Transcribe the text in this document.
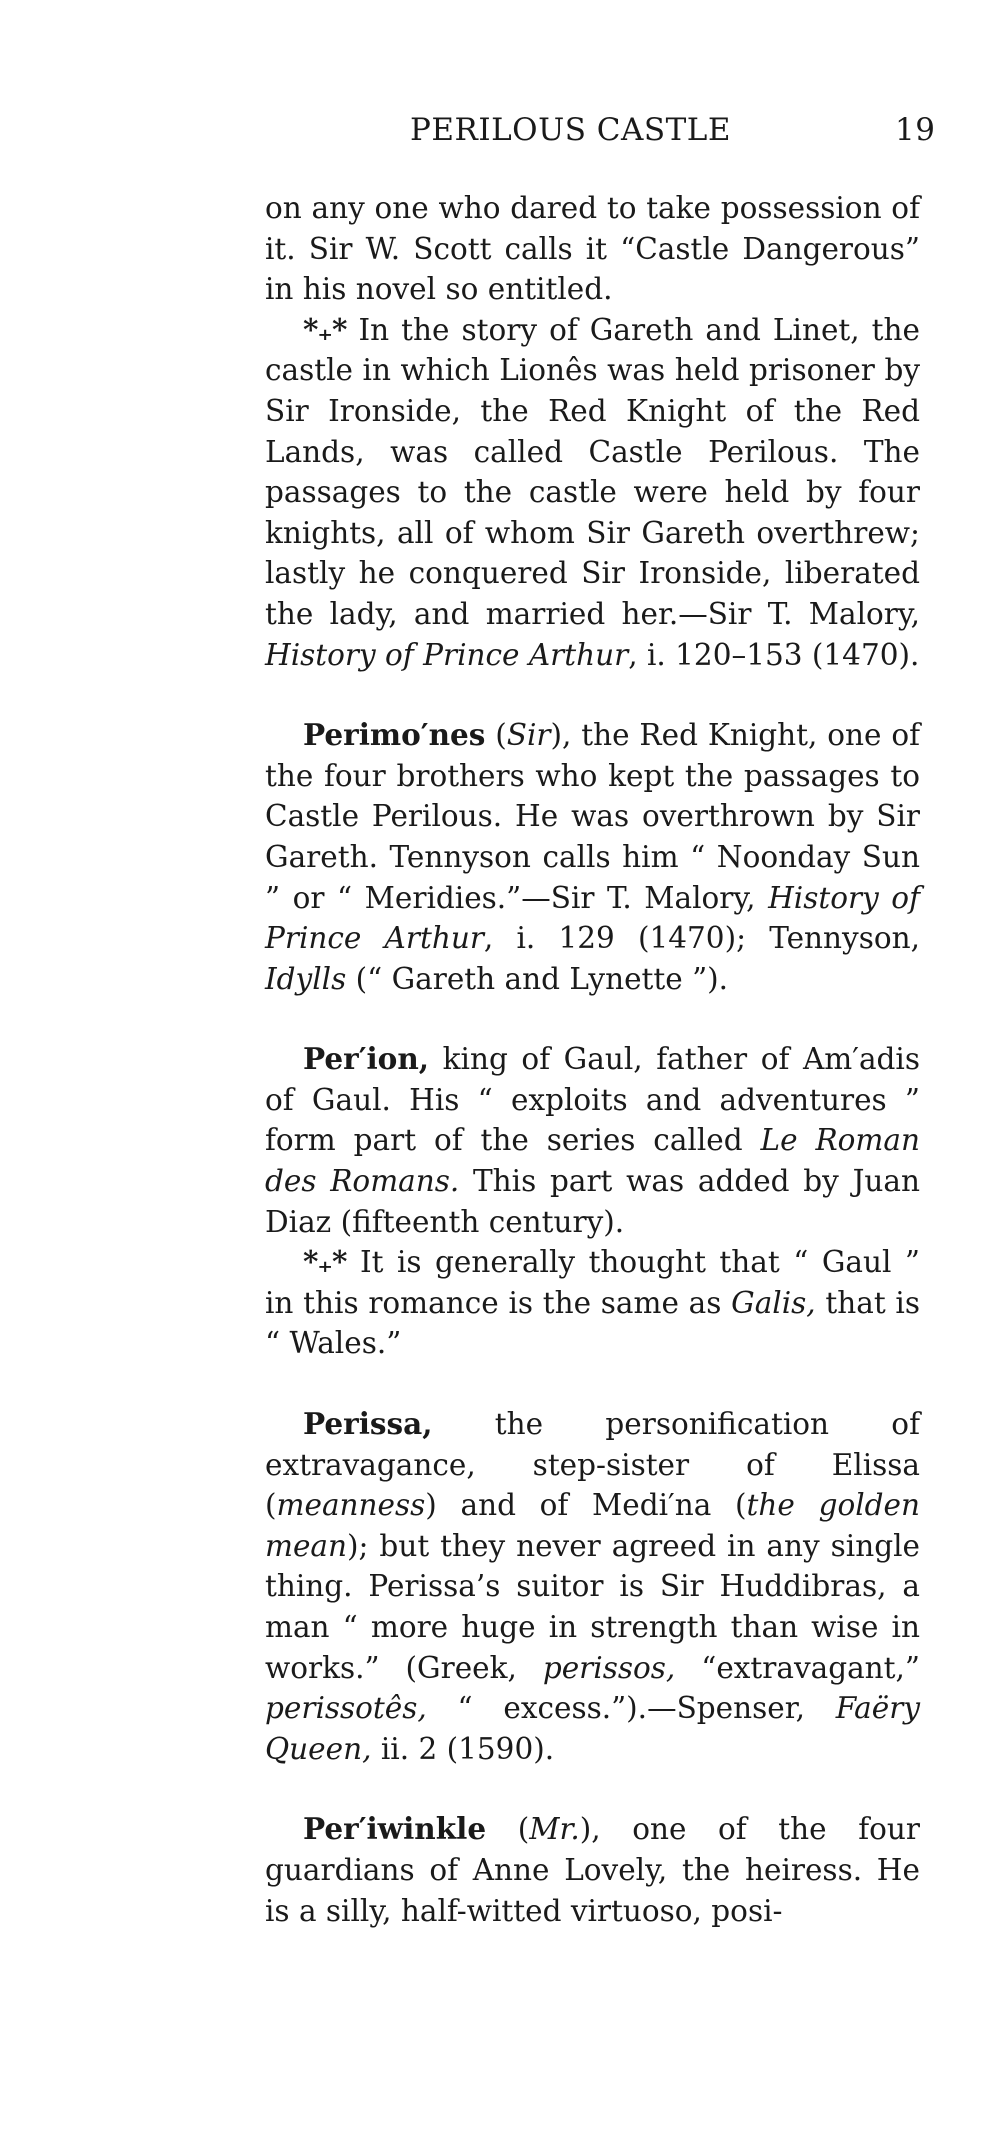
PERILOUS CASTLE	19

on any one who dared to take possession of it. Sir W. Scott calls it “Castle Dangerous” in his novel so entitled.

*₊* In the story of Gareth and Linet, the castle in which Lionês was held prisoner by Sir Ironside, the Red Knight of the Red Lands, was called Castle Perilous. The passages to the castle were held by four knights, all of whom Sir Gareth overthrew; lastly he conquered Sir Ironside, liberated the lady, and married her.—Sir T. Malory, History of Prince Arthur, i. 120–153 (1470).

Perimo′nes (Sir), the Red Knight, one of the four brothers who kept the passages to Castle Perilous. He was overthrown by Sir Gareth. Tennyson calls him “ Noonday Sun ” or “ Meridies.”—Sir T. Malory, History of Prince Arthur, i. 129 (1470); Tennyson, Idylls (“ Gareth and Lynette ”).

Per′ion, king of Gaul, father of Am′adis of Gaul. His “ exploits and adventures ” form part of the series called Le Roman des Romans. This part was added by Juan Diaz (fifteenth century).

*₊* It is generally thought that “ Gaul ” in this romance is the same as Galis, that is “ Wales.”

Perissa, the personification of extravagance, step-sister of Elissa (meanness) and of Medi′na (the golden mean); but they never agreed in any single thing. Perissa’s suitor is Sir Huddibras, a man “ more huge in strength than wise in works.” (Greek, perissos, “extravagant,” perissotês, “ excess.”).—Spenser, Faëry Queen, ii. 2 (1590).

Per′iwinkle (Mr.), one of the four guardians of Anne Lovely, the heiress. He is a silly, half-witted virtuoso, posi-
